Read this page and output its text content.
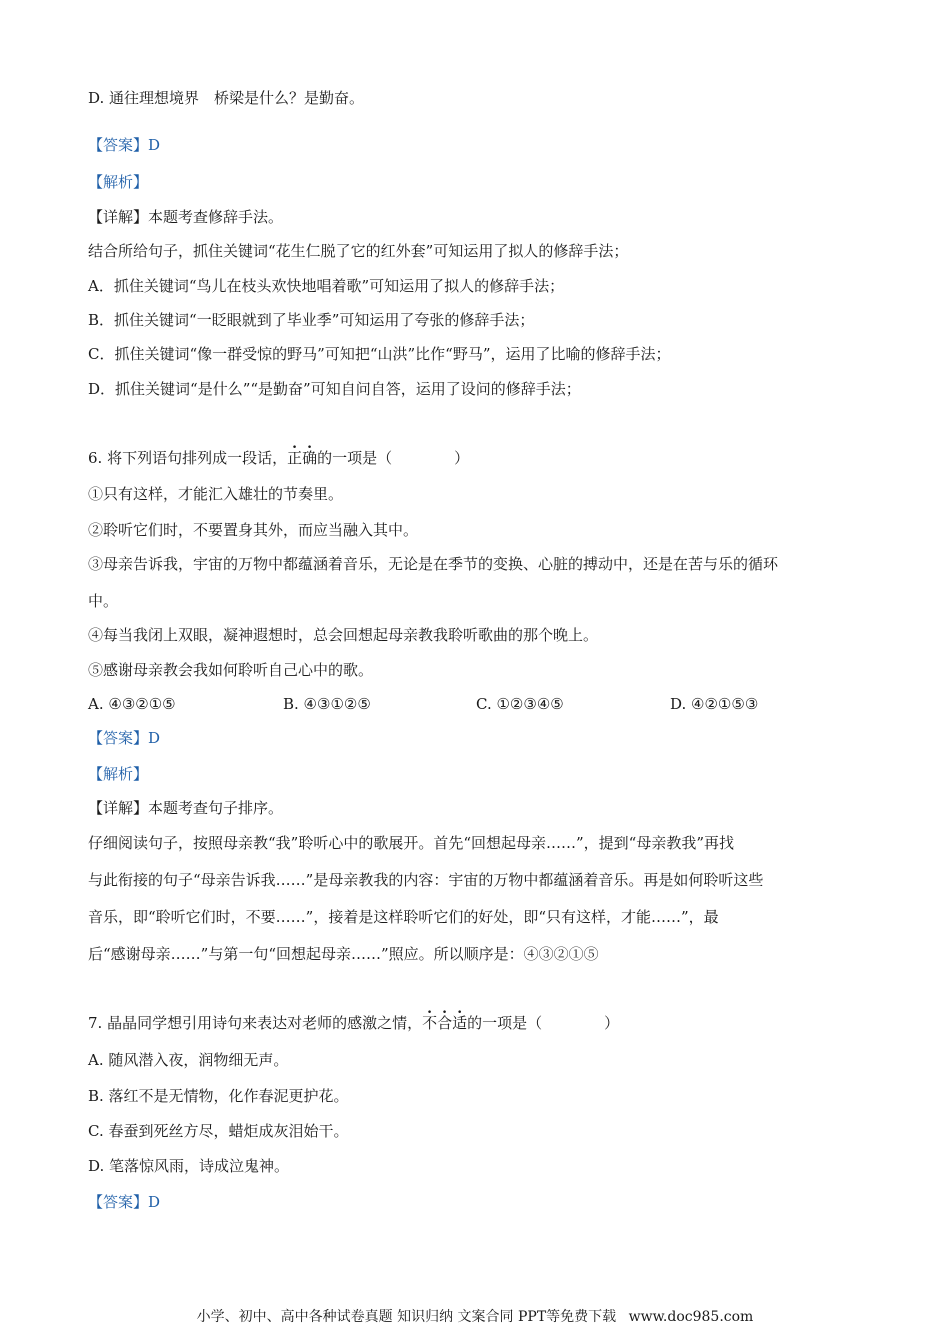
D. 通往理想境界　桥梁是什么？是勤奋。
【答案】D
【解析】
【详解】本题考查修辞手法。
结合所给句子，抓住关键词“花生仁脱了它的红外套”可知运用了拟人的修辞手法；
A．抓住关键词“鸟儿在枝头欢快地唱着歌”可知运用了拟人的修辞手法；
B．抓住关键词“一眨眼就到了毕业季”可知运用了夸张的修辞手法；
C．抓住关键词“像一群受惊的野马”可知把“山洪”比作“野马”，运用了比喻的修辞手法；
D．抓住关键词“是什么”“是勤奋”可知自问自答，运用了设问的修辞手法；
6. 将下列语句排列成一段话，正确的一项是（	）
①只有这样，才能汇入雄壮的节奏里。
②聆听它们时，不要置身其外，而应当融入其中。
③母亲告诉我，宇宙的万物中都蕴涵着音乐，无论是在季节的变换、心脏的搏动中，还是在苦与乐的循环
中。
④每当我闭上双眼，凝神遐想时，总会回想起母亲教我聆听歌曲的那个晚上。
⑤感谢母亲教会我如何聆听自己心中的歌。
A. ④③②①⑤	B. ④③①②⑤	C. ①②③④⑤	D. ④②①⑤③
【答案】D
【解析】
【详解】本题考查句子排序。
仔细阅读句子，按照母亲教“我”聆听心中的歌展开。首先“回想起母亲……”，提到“母亲教我”再找
与此衔接的句子“母亲告诉我……”是母亲教我的内容：宇宙的万物中都蕴涵着音乐。再是如何聆听这些
音乐，即“聆听它们时，不要……”，接着是这样聆听它们的好处，即“只有这样，才能……”，最
后“感谢母亲……”与第一句“回想起母亲……”照应。所以顺序是：④③②①⑤
7. 晶晶同学想引用诗句来表达对老师的感激之情，不合适的一项是（	）
A. 随风潜入夜，润物细无声。
B. 落红不是无情物，化作春泥更护花。
C. 春蚕到死丝方尽，蜡炬成灰泪始干。
D. 笔落惊风雨，诗成泣鬼神。
【答案】D
小学、初中、高中各种试卷真题 知识归纳 文案合同 PPT等免费下载 www.doc985.com
